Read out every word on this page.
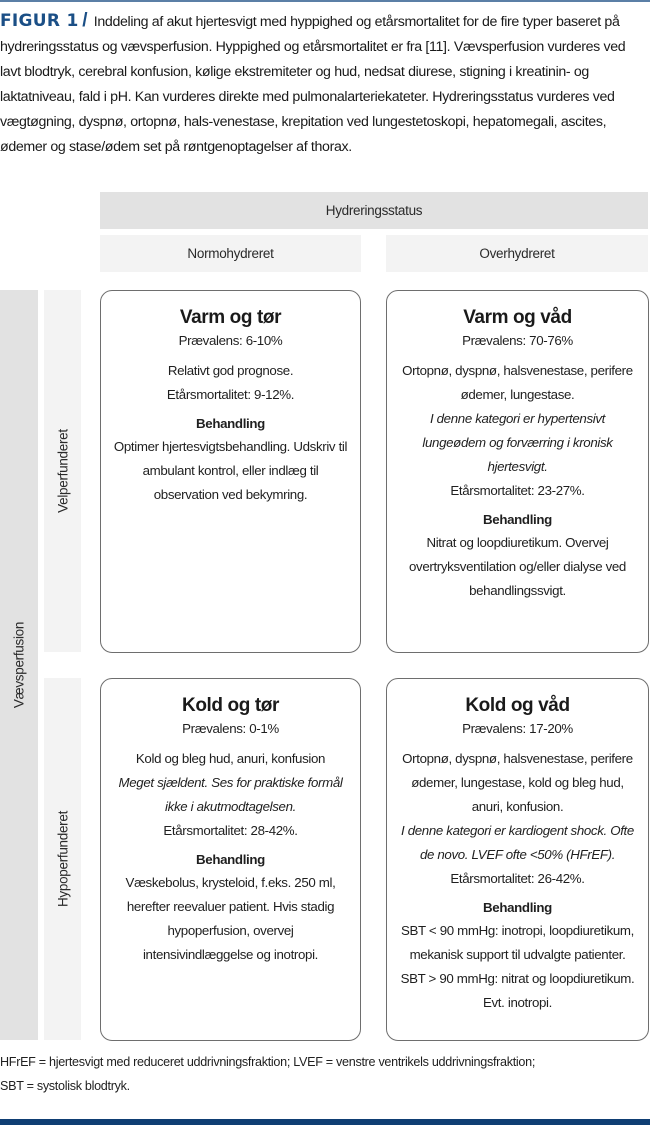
FIGUR 1 / Inddeling af akut hjertesvigt med hyppighed og etårsmortalitet for de fire typer baseret på hydreringsstatus og vævsperfusion. Hyppighed og etårsmortalitet er fra [11]. Vævsperfusion vurderes ved lavt blodtryk, cerebral konfusion, kølige ekstremiteter og hud, nedsat diurese, stigning i kreatinin- og laktatniveau, fald i pH. Kan vurderes direkte med pulmonalarteriekateter. Hydreringsstatus vurderes ved vægtøgning, dyspnø, ortopnø, hals-venestase, krepitation ved lungestetoskopi, hepatomegali, ascites, ødemer og stase/ødem set på røntgenoptagelser af thorax.
Hydreringsstatus
Normohydreret	Overhydreret
Vævsperfusion
Velperfunderet
Hypoperfunderet
Varm og tør
Prævalens: 6-10%
Relativt god prognose.
Etårsmortalitet: 9-12%.
Behandling
Optimer hjertesvigtsbehandling. Udskriv til ambulant kontrol, eller indlæg til observation ved bekymring.
Varm og våd
Prævalens: 70-76%
Ortopnø, dyspnø, halsvenestase, perifere ødemer, lungestase.
I denne kategori er hypertensivt lungeødem og forværring i kronisk hjertesvigt.
Etårsmortalitet: 23-27%.
Behandling
Nitrat og loopdiuretikum. Overvej overtryksventilation og/eller dialyse ved behandlingssvigt.
Kold og tør
Prævalens: 0-1%
Kold og bleg hud, anuri, konfusion
Meget sjældent. Ses for praktiske formål ikke i akutmodtagelsen.
Etårsmortalitet: 28-42%.
Behandling
Væskebolus, krysteloid, f.eks. 250 ml, herefter reevaluer patient. Hvis stadig hypoperfusion, overvej intensivindlæggelse og inotropi.
Kold og våd
Prævalens: 17-20%
Ortopnø, dyspnø, halsvenestase, perifere ødemer, lungestase, kold og bleg hud, anuri, konfusion.
I denne kategori er kardiogent shock. Ofte de novo. LVEF ofte <50% (HFrEF).
Etårsmortalitet: 26-42%.
Behandling
SBT < 90 mmHg: inotropi, loopdiuretikum, mekanisk support til udvalgte patienter.
SBT > 90 mmHg: nitrat og loopdiuretikum. Evt. inotropi.
HFrEF = hjertesvigt med reduceret uddrivningsfraktion; LVEF = venstre ventrikels uddrivningsfraktion;
SBT = systolisk blodtryk.
